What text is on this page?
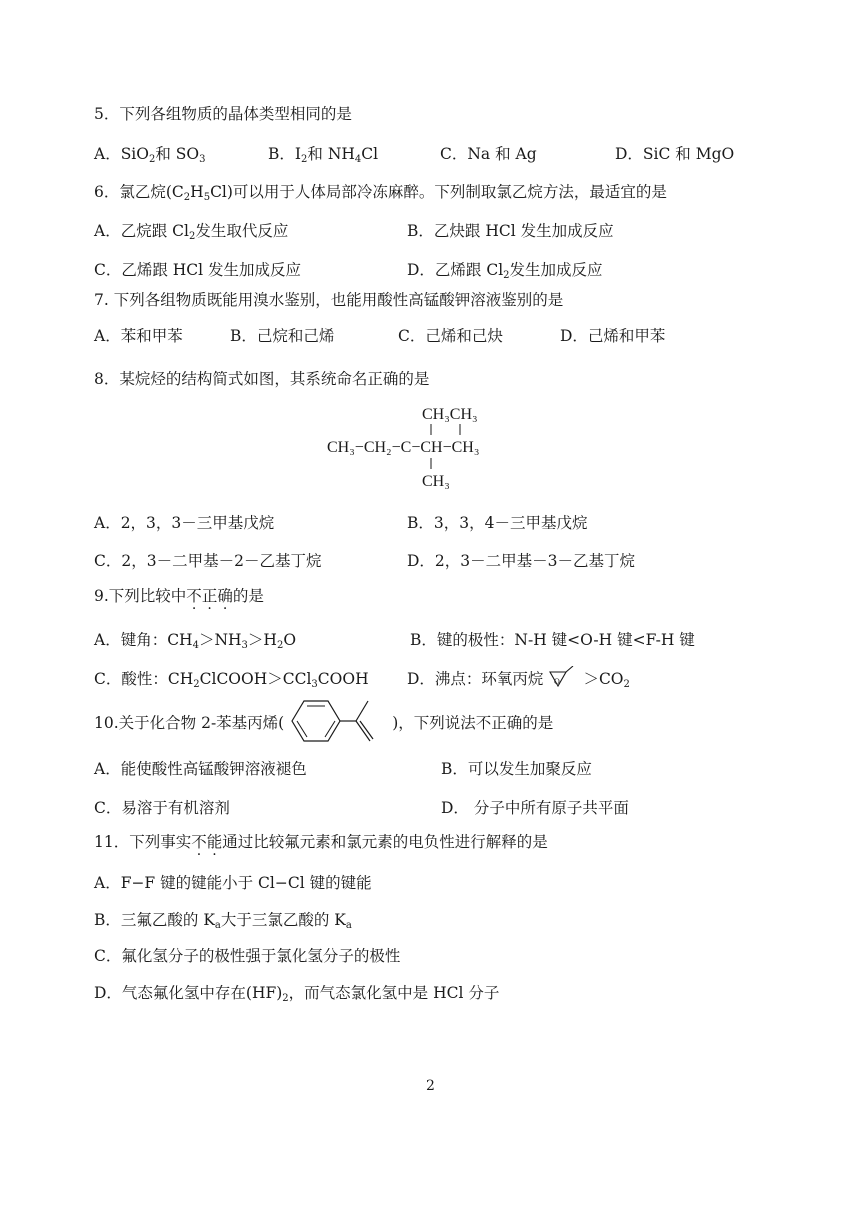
5．下列各组物质的晶体类型相同的是
A．SiO$_2$和 $SO_3$	B．$I_2$和 $NH_4Cl$	C．Na 和 Ag	D．SiC 和 MgO
6．氯乙烷$(C_2H_5Cl)$可以用于人体局部冷冻麻醉。下列制取氯乙烷方法，最适宜的是
A．乙烷跟 $Cl_2$发生取代反应	B．乙炔跟 HCl 发生加成反应
C．乙烯跟 HCl 发生加成反应	D．乙烯跟 $Cl_2$发生加成反应
7. 下列各组物质既能用溴水鉴别，也能用酸性高锰酸钾溶液鉴别的是
A．苯和甲苯	B．己烷和己烯	C．己烯和己炔	D．己烯和甲苯
8．某烷烃的结构简式如图，其系统命名正确的是
CH₃CH₃
CH₃−CH₂−C−CH−CH₃
CH₃
A．2，3，3－三甲基戊烷	B．3，3，4－三甲基戊烷
C．2，3－二甲基－2－乙基丁烷	D．2，3－二甲基－3－乙基丁烷
9.下列比较中不正确的是
A．键角：$CH_4>NH_3>H_2O$	B．键的极性：N-H 键<O-H 键<F-H 键
C．酸性：$CH_2ClCOOH>CCl_3COOH$ D．沸点：环氧丙烷 $O >CO_2$
10.关于化合物 2-苯基丙烯(	)，下列说法不正确的是
A．能使酸性高锰酸钾溶液褪色	B．可以发生加聚反应
C．易溶于有机溶剂	D． 分子中所有原子共平面
11．下列事实不能通过比较氟元素和氯元素的电负性进行解释的是
A．F−F 键的键能小于 Cl−Cl 键的键能
B．三氟乙酸的 $K_a$大于三氯乙酸的 $K_a$
C．氟化氢分子的极性强于氯化氢分子的极性
D．气态氟化氢中存在$(HF)_2$，而气态氯化氢中是 HCl 分子
2
